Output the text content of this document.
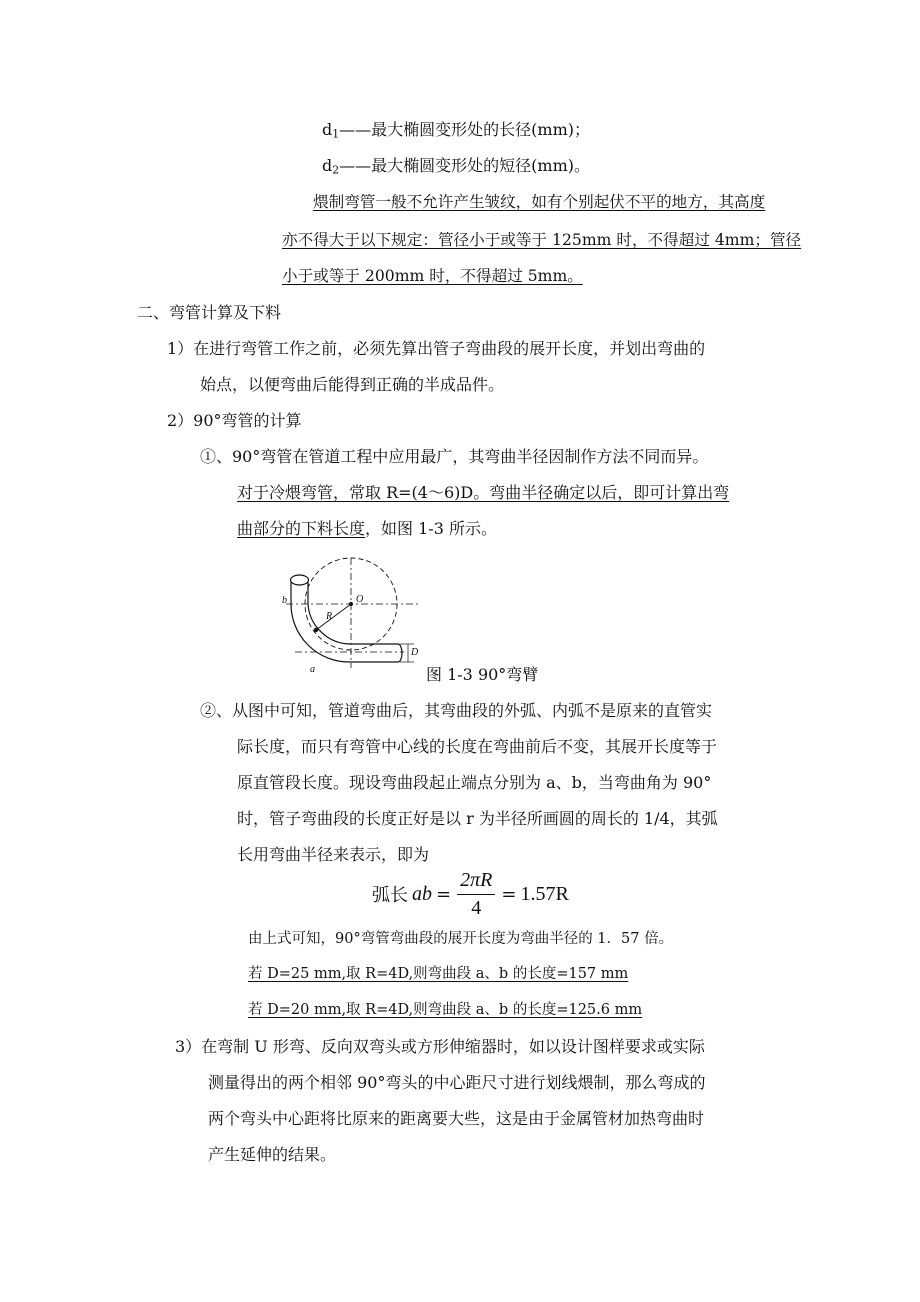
$d_1——$最大椭圆变形处的长径(mm)；
$d_2——$最大椭圆变形处的短径(mm)。
煨制弯管一般不允许产生皱纹，如有个别起伏不平的地方，其高度
亦不得大于以下规定：管径小于或等于 125mm 时，不得超过 4mm；管径
小于或等于 200mm 时，不得超过 5mm。
二、弯管计算及下料
1）在进行弯管工作之前，必须先算出管子弯曲段的展开长度，并划出弯曲的
始点，以便弯曲后能得到正确的半成品件。
2）90°弯管的计算
①、90°弯管在管道工程中应用最广，其弯曲半径因制作方法不同而异。
对于冷煨弯管，常取 R=(4～6)D。弯曲半径确定以后，即可计算出弯
曲部分的下料长度，如图 1-3 所示。
b
a
R
O
D
图 1-3 90°弯臂
②、从图中可知，管道弯曲后，其弯曲段的外弧、内弧不是原来的直管实
际长度，而只有弯管中心线的长度在弯曲前后不变，其展开长度等于
原直管段长度。现设弯曲段起止端点分别为 a、b，当弯曲角为 90°
时，管子弯曲段的长度正好是以 r 为半径所画圆的周长的 1/4，其弧
长用弯曲半径来表示，即为
弧长 ab = $\frac{2\pi R}{4} = 1.57R$
由上式可知，90°弯管弯曲段的展开长度为弯曲半径的 1．57 倍。
若 D=25 mm,取 R=4D,则弯曲段 a、b 的长度=157 mm
若 D=20 mm,取 R=4D,则弯曲段 a、b 的长度=125.6 mm
3）在弯制 U 形弯、反向双弯头或方形伸缩器时，如以设计图样要求或实际
测量得出的两个相邻 90°弯头的中心距尺寸进行划线煨制，那么弯成的
两个弯头中心距将比原来的距离要大些，这是由于金属管材加热弯曲时
产生延伸的结果。
